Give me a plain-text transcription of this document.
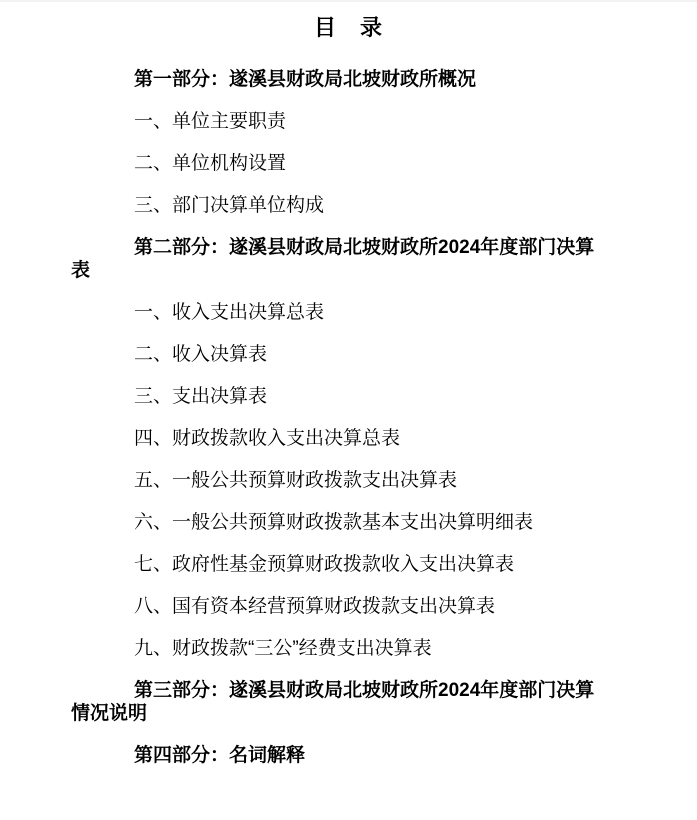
目　录

第一部分：遂溪县财政局北坡财政所概况

一、单位主要职责

二、单位机构设置

三、部门决算单位构成

第二部分：遂溪县财政局北坡财政所2024年度部门决算表

一、收入支出决算总表

二、收入决算表

三、支出决算表

四、财政拨款收入支出决算总表

五、一般公共预算财政拨款支出决算表

六、一般公共预算财政拨款基本支出决算明细表

七、政府性基金预算财政拨款收入支出决算表

八、国有资本经营预算财政拨款支出决算表

九、财政拨款“三公”经费支出决算表

第三部分：遂溪县财政局北坡财政所2024年度部门决算情况说明

第四部分：名词解释
